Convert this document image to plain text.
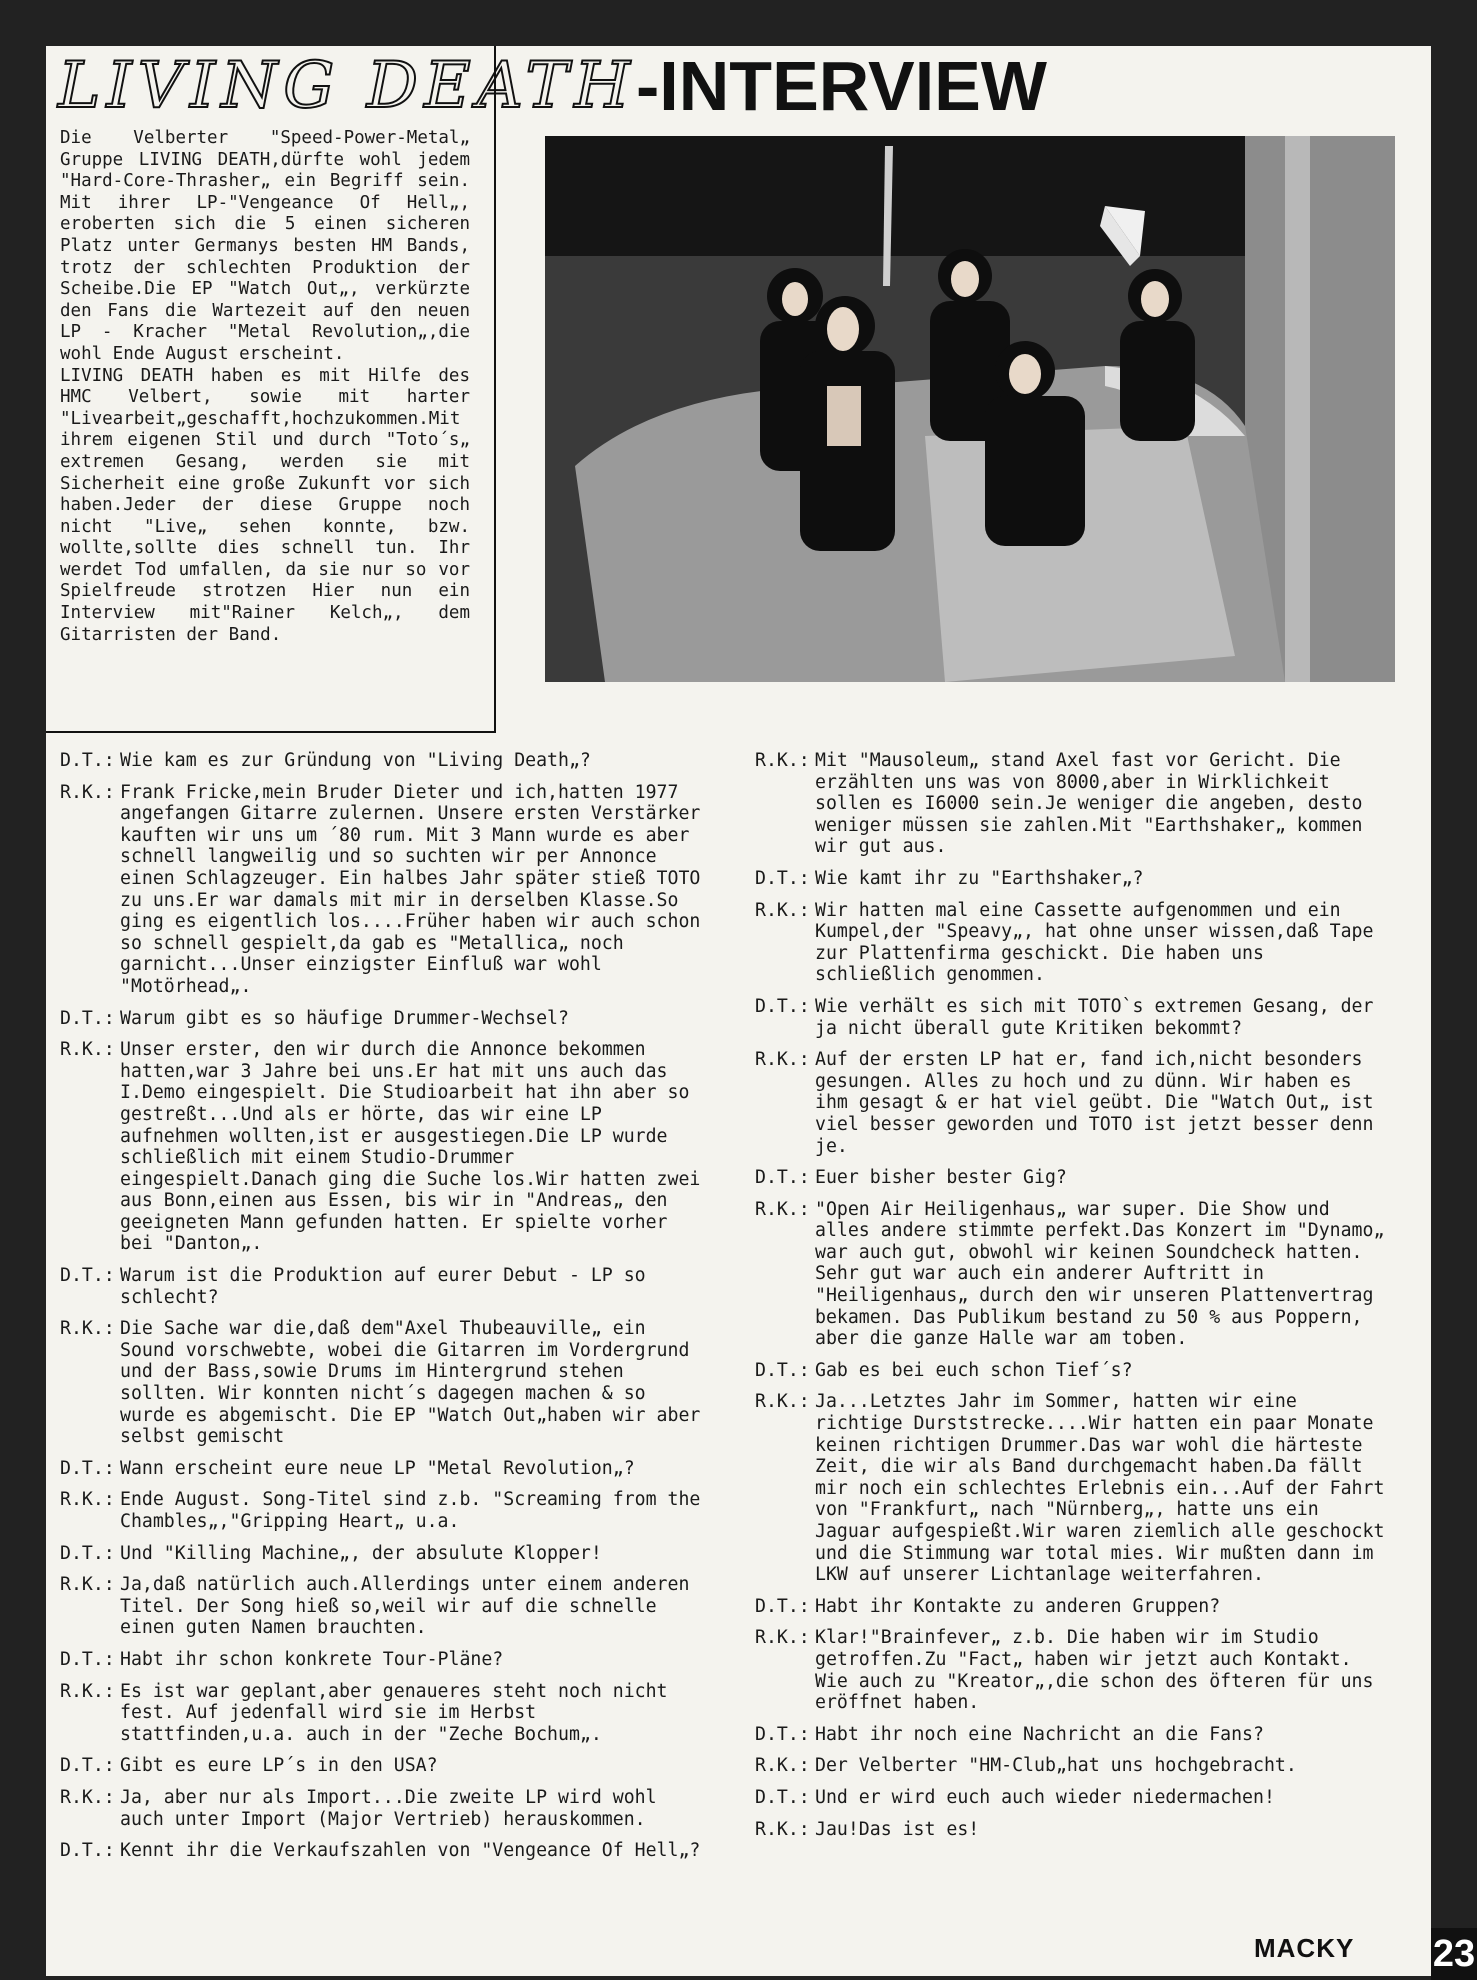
LIVING DEATH -INTERVIEW

Die Velberter "Speed-Power-Metal„ Gruppe LIVING DEATH,dürfte wohl jedem "Hard-Core-Thrasher„ ein Begriff sein. Mit ihrer LP-"Vengeance Of Hell„, eroberten sich die 5 einen sicheren Platz unter Germanys besten HM Bands, trotz der schlechten Produktion der Scheibe.Die EP "Watch Out„, verkürzte den Fans die Wartezeit auf den neuen LP - Kracher "Metal Revolution„,die wohl Ende August erscheint.
LIVING DEATH haben es mit Hilfe des HMC Velbert, sowie mit harter "Livearbeit„geschafft,hochzukommen.Mit ihrem eigenen Stil und durch "Toto´s„ extremen Gesang, werden sie mit Sicherheit eine große Zukunft vor sich haben.Jeder der diese Gruppe noch nicht "Live„ sehen konnte, bzw. wollte,sollte dies schnell tun. Ihr werdet Tod umfallen, da sie nur so vor Spielfreude strotzen Hier nun ein Interview mit"Rainer Kelch„, dem Gitarristen der Band.

D.T.: Wie kam es zur Gründung von "Living Death„?
R.K.: Frank Fricke,mein Bruder Dieter und ich,hatten 1977 angefangen Gitarre zulernen. Unsere ersten Verstärker kauften wir uns um ´80 rum. Mit 3 Mann wurde es aber schnell langweilig und so suchten wir per Annonce einen Schlagzeuger. Ein halbes Jahr später stieß TOTO zu uns.Er war damals mit mir in derselben Klasse.So ging es eigentlich los....Früher haben wir auch schon so schnell gespielt,da gab es "Metallica„ noch garnicht...Unser einzigster Einfluß war wohl "Motörhead„.
D.T.: Warum gibt es so häufige Drummer-Wechsel?
R.K.: Unser erster, den wir durch die Annonce bekommen hatten,war 3 Jahre bei uns.Er hat mit uns auch das I.Demo eingespielt. Die Studioarbeit hat ihn aber so gestreßt...Und als er hörte, das wir eine LP aufnehmen wollten,ist er ausgestiegen.Die LP wurde schließlich mit einem Studio-Drummer eingespielt.Danach ging die Suche los.Wir hatten zwei aus Bonn,einen aus Essen, bis wir in "Andreas„ den geeigneten Mann gefunden hatten. Er spielte vorher bei "Danton„.
D.T.: Warum ist die Produktion auf eurer Debut - LP so schlecht?
R.K.: Die Sache war die,daß dem"Axel Thubeauville„ ein Sound vorschwebte, wobei die Gitarren im Vordergrund und der Bass,sowie Drums im Hintergrund stehen sollten. Wir konnten nicht´s dagegen machen & so wurde es abgemischt. Die EP "Watch Out„haben wir aber selbst gemischt
D.T.: Wann erscheint eure neue LP "Metal Revolution„?
R.K.: Ende August. Song-Titel sind z.b. "Screaming from the Chambles„,"Gripping Heart„ u.a.
D.T.: Und "Killing Machine„, der absulute Klopper!
R.K.: Ja,daß natürlich auch.Allerdings unter einem anderen Titel. Der Song hieß so,weil wir auf die schnelle einen guten Namen brauchten.
D.T.: Habt ihr schon konkrete Tour-Pläne?
R.K.: Es ist war geplant,aber genaueres steht noch nicht fest. Auf jedenfall wird sie im Herbst stattfinden,u.a. auch in der "Zeche Bochum„.
D.T.: Gibt es eure LP´s in den USA?
R.K.: Ja, aber nur als Import...Die zweite LP wird wohl auch unter Import (Major Vertrieb) herauskommen.
D.T.: Kennt ihr die Verkaufszahlen von "Vengeance Of Hell„?
R.K.: Mit "Mausoleum„ stand Axel fast vor Gericht. Die erzählten uns was von 8000,aber in Wirklichkeit sollen es I6000 sein.Je weniger die angeben, desto weniger müssen sie zahlen.Mit "Earthshaker„ kommen wir gut aus.
D.T.: Wie kamt ihr zu "Earthshaker„?
R.K.: Wir hatten mal eine Cassette aufgenommen und ein Kumpel,der "Speavy„, hat ohne unser wissen,daß Tape zur Plattenfirma geschickt. Die haben uns schließlich genommen.
D.T.: Wie verhält es sich mit TOTO`s extremen Gesang, der ja nicht überall gute Kritiken bekommt?
R.K.: Auf der ersten LP hat er, fand ich,nicht besonders gesungen. Alles zu hoch und zu dünn. Wir haben es ihm gesagt & er hat viel geübt. Die "Watch Out„ ist viel besser geworden und TOTO ist jetzt besser denn je.
D.T.: Euer bisher bester Gig?
R.K.: "Open Air Heiligenhaus„ war super. Die Show und alles andere stimmte perfekt.Das Konzert im "Dynamo„ war auch gut, obwohl wir keinen Soundcheck hatten. Sehr gut war auch ein anderer Auftritt in "Heiligenhaus„ durch den wir unseren Plattenvertrag bekamen. Das Publikum bestand zu 50 % aus Poppern, aber die ganze Halle war am toben.
D.T.: Gab es bei euch schon Tief´s?
R.K.: Ja...Letztes Jahr im Sommer, hatten wir eine richtige Durststrecke....Wir hatten ein paar Monate keinen richtigen Drummer.Das war wohl die härteste Zeit, die wir als Band durchgemacht haben.Da fällt mir noch ein schlechtes Erlebnis ein...Auf der Fahrt von "Frankfurt„ nach "Nürnberg„, hatte uns ein Jaguar aufgespießt.Wir waren ziemlich alle geschockt und die Stimmung war total mies. Wir mußten dann im LKW auf unserer Lichtanlage weiterfahren.
D.T.: Habt ihr Kontakte zu anderen Gruppen?
R.K.: Klar!"Brainfever„ z.b. Die haben wir im Studio getroffen.Zu "Fact„ haben wir jetzt auch Kontakt. Wie auch zu "Kreator„,die schon des öfteren für uns eröffnet haben.
D.T.: Habt ihr noch eine Nachricht an die Fans?
R.K.: Der Velberter "HM-Club„hat uns hochgebracht.
D.T.: Und er wird euch auch wieder niedermachen!
R.K.: Jau!Das ist es!
MACKY 23
